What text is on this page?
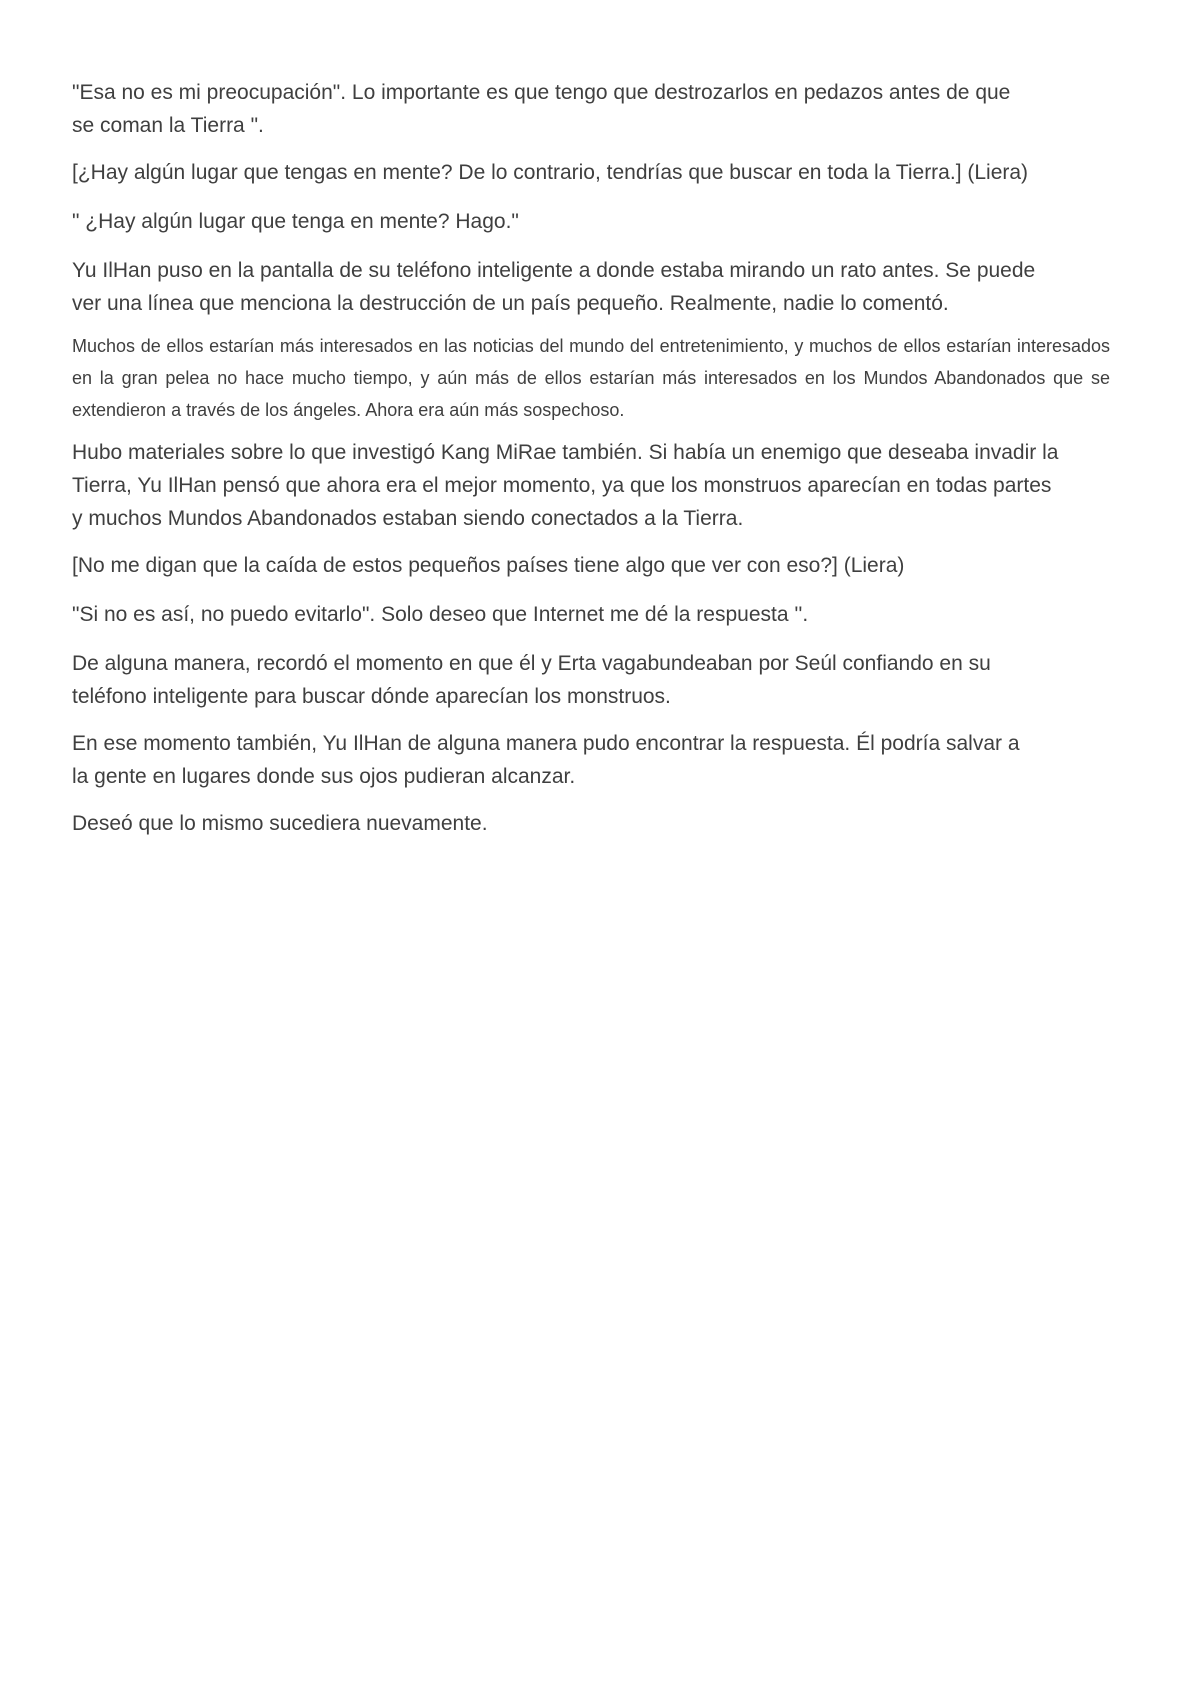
"Esa no es mi preocupación". Lo importante es que tengo que destrozarlos en pedazos antes de que
se coman la Tierra ".

[¿Hay algún lugar que tengas en mente? De lo contrario, tendrías que buscar en toda la Tierra.] (Liera)

" ¿Hay algún lugar que tenga en mente? Hago."

Yu IlHan puso en la pantalla de su teléfono inteligente a donde estaba mirando un rato antes. Se puede
ver una línea que menciona la destrucción de un país pequeño. Realmente, nadie lo comentó.

Muchos de ellos estarían más interesados en las noticias del mundo del entretenimiento, y muchos de ellos estarían interesados en la gran pelea no hace mucho tiempo, y aún más de ellos estarían más interesados en los Mundos Abandonados que se extendieron a través de los ángeles. Ahora era aún más sospechoso.

Hubo materiales sobre lo que investigó Kang MiRae también. Si había un enemigo que deseaba invadir la
Tierra, Yu IlHan pensó que ahora era el mejor momento, ya que los monstruos aparecían en todas partes
y muchos Mundos Abandonados estaban siendo conectados a la Tierra.

[No me digan que la caída de estos pequeños países tiene algo que ver con eso?] (Liera)

"Si no es así, no puedo evitarlo". Solo deseo que Internet me dé la respuesta ''.

De alguna manera, recordó el momento en que él y Erta vagabundeaban por Seúl confiando en su
teléfono inteligente para buscar dónde aparecían los monstruos.

En ese momento también, Yu IlHan de alguna manera pudo encontrar la respuesta. Él podría salvar a
la gente en lugares donde sus ojos pudieran alcanzar.

Deseó que lo mismo sucediera nuevamente.
